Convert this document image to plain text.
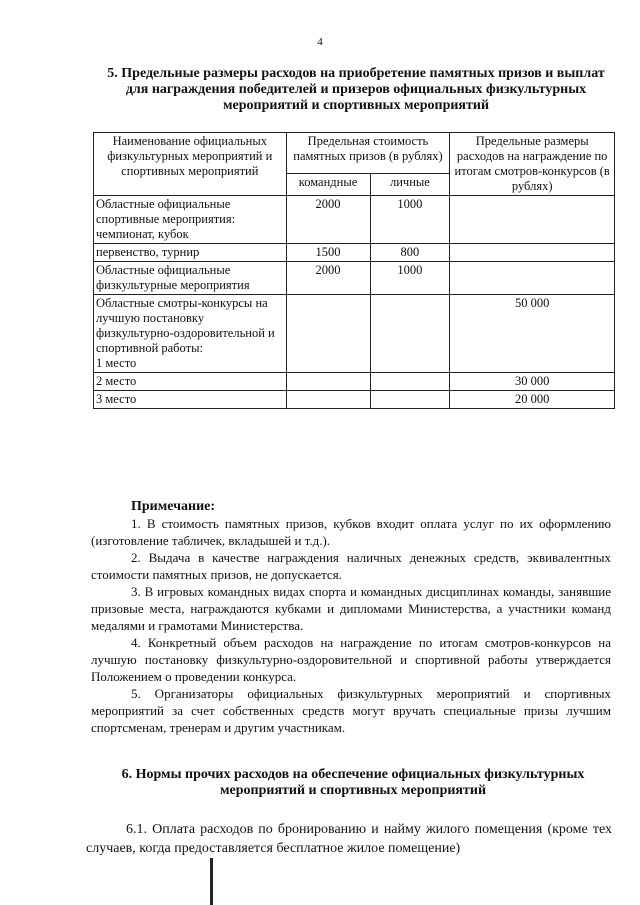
4
5. Предельные размеры расходов на приобретение памятных призов и выплат для награждения победителей и призеров официальных физкультурных мероприятий и спортивных мероприятий
Наименование официальных физкультурных мероприятий и спортивных мероприятий	Предельная стоимость памятных призов (в рублях)		Предельные размеры расходов на награждение по итогам смотров-конкурсов (в рублях)
	командные	личные	
Областные официальные спортивные мероприятия: чемпионат, кубок	2000	1000	
первенство, турнир	1500	800	
Областные официальные физкультурные мероприятия	2000	1000	

Областные смотры-конкурсы на лучшую постановку физкультурно-оздоровительной и спортивной работы:
1 место			50 000
2 место			30 000
3 место			20 000
Примечание:

1. В стоимость памятных призов, кубков входит оплата услуг по их оформлению (изготовление табличек, вкладышей и т.д.).

2. Выдача в качестве награждения наличных денежных средств, эквивалентных стоимости памятных призов, не допускается.

3. В игровых командных видах спорта и командных дисциплинах команды, занявшие призовые места, награждаются кубками и дипломами Министерства, а участники команд медалями и грамотами Министерства.

4. Конкретный объем расходов на награждение по итогам смотров-конкурсов на лучшую постановку физкультурно-оздоровительной и спортивной работы утверждается Положением о проведении конкурса.

5. Организаторы официальных физкультурных мероприятий и спортивных мероприятий за счет собственных средств могут вручать специальные призы лучшим спортсменам, тренерам и другим участникам.

6. Нормы прочих расходов на обеспечение официальных физкультурных мероприятий и спортивных мероприятий
6.1. Оплата расходов по бронированию и найму жилого помещения (кроме тех случаев, когда предоставляется бесплатное жилое помещение)
